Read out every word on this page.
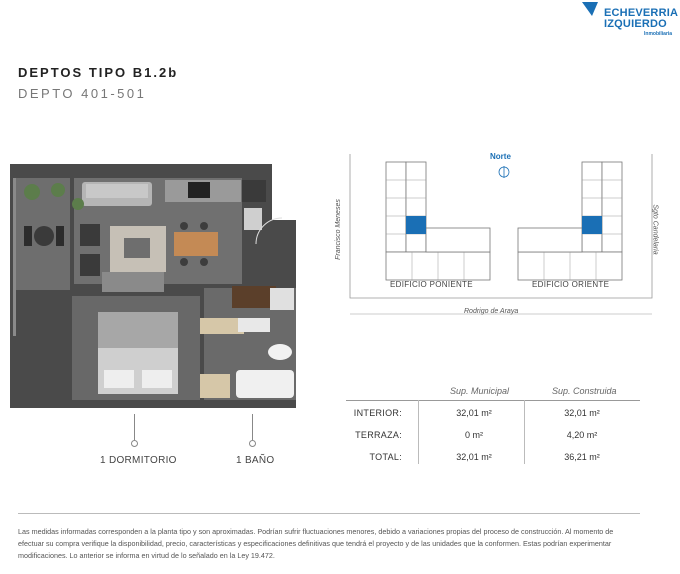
ECHEVERRIA
IZQUIERDO
Inmobiliaria
DEPTOS TIPO B1.2b
DEPTO 401-501
1 DORMITORIO	1 BAÑO
Norte
EDIFICIO PONIENTE	EDIFICIO ORIENTE
Francisco Meneses	Sgto Candelaria
Rodrigo de Araya
Sup. Municipal	Sup. Construida
INTERIOR:	32,01 m²	32,01 m²
TERRAZA:	0 m²	4,20 m²
TOTAL:	32,01 m²	36,21 m²
Las medidas informadas corresponden a la planta tipo y son aproximadas. Podrían sufrir fluctuaciones menores, debido a variaciones propias del proceso de construcción. Al momento de efectuar su compra verifique la disponibilidad, precio, características y especificaciones definitivas que tendrá el proyecto y de las unidades que la conformen. Estas podrían experimentar modificaciones. Lo anterior se informa en virtud de lo señalado en la Ley 19.472.
